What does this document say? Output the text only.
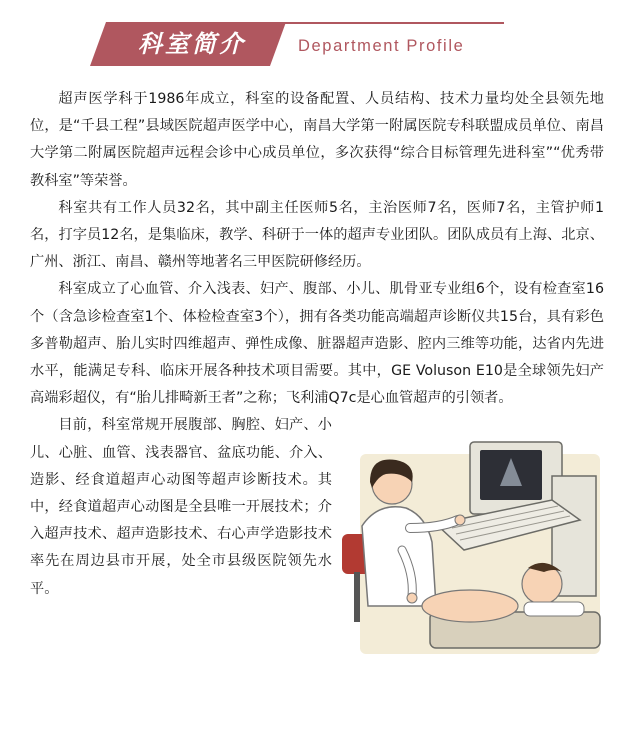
科室简介	Department Profile

超声医学科于1986年成立，科室的设备配置、人员结构、技术力量均处全县领先地位，是“千县工程”县域医院超声医学中心，南昌大学第一附属医院专科联盟成员单位、南昌大学第二附属医院超声远程会诊中心成员单位，多次获得“综合目标管理先进科室”“优秀带教科室”等荣誉。

科室共有工作人员32名，其中副主任医师5名，主治医师7名，医师7名，主管护师1名，打字员12名，是集临床，教学、科研于一体的超声专业团队。团队成员有上海、北京、广州、浙江、南昌、赣州等地著名三甲医院研修经历。

科室成立了心血管、介入浅表、妇产、腹部、小儿、肌骨亚专业组6个，设有检查室16个（含急诊检查室1个、体检检查室3个），拥有各类功能高端超声诊断仪共15台，具有彩色多普勒超声、胎儿实时四维超声、弹性成像、脏器超声造影、腔内三维等功能，达省内先进水平，能满足专科、临床开展各种技术项目需要。其中，GE Voluson E10是全球领先妇产高端彩超仪，有“胎儿排畸新王者”之称；飞利浦Q7c是心血管超声的引领者。

目前，科室常规开展腹部、胸腔、妇产、小儿、心脏、血管、浅表器官、盆底功能、介入、造影、经食道超声心动图等超声诊断技术。其中，经食道超声心动图是全县唯一开展技术；介入超声技术、超声造影技术、右心声学造影技术率先在周边县市开展，处全市县级医院领先水平。
